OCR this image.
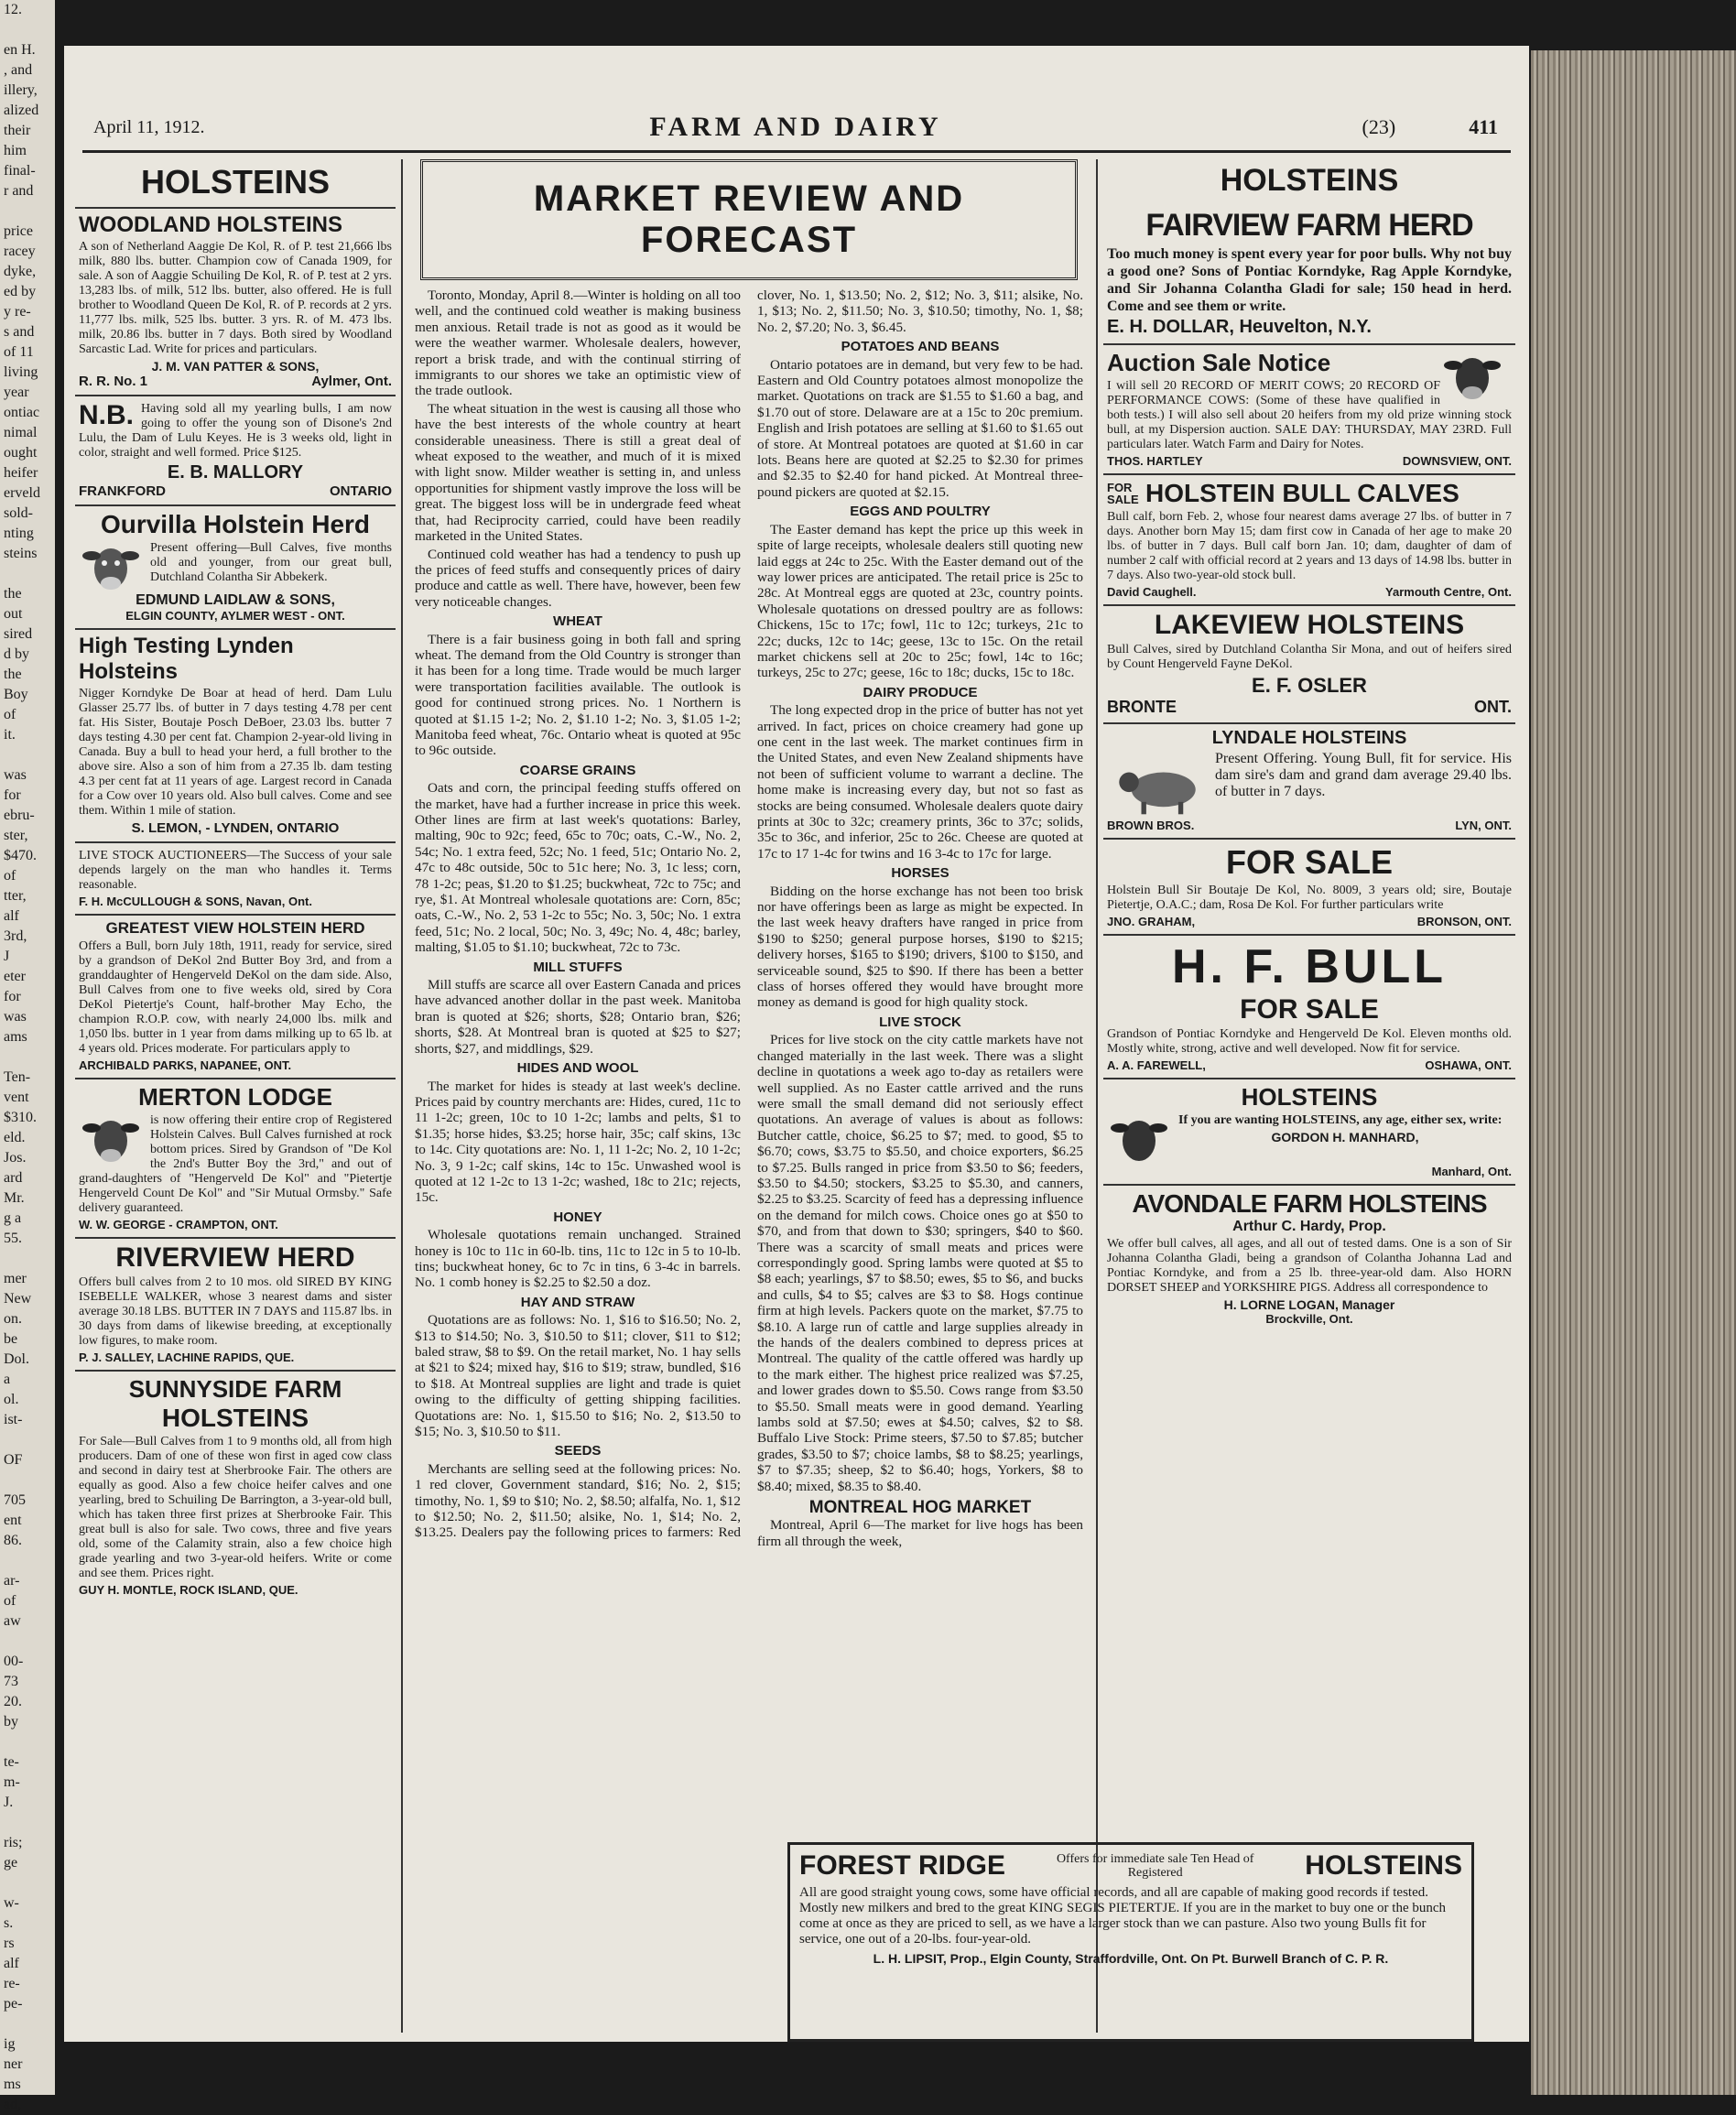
12.

en H.
, and
illery,
alized
their
him
final-
r and

price
racey
dyke,
ed by
y re-
s and
of 11
living
year
ontiac
nimal
ought
heifer
erveld
sold-
nting
steins

the
out
sired
d by
the
Boy
of
it.

was
for
ebru-
ster,
$470.
of
tter,
alf
3rd,
J
eter
for
was
ams

Ten-
vent
$310.
eld.
Jos.
ard
Mr.
g a
55.

mer
New
on.
be
Dol.
a
ol.
ist-

OF

705
ent
86.

ar-
of
aw

00-
73
20.
by

te-
m-
J.

ris;
ge

w-
s.
rs
alf
re-
pe-

ig
ner
ms
ad,
April 11, 1912.	FARM AND DAIRY	(23)	411
HOLSTEINS
WOODLAND HOLSTEINS

A son of Netherland Aaggie De Kol, R. of P. test 21,666 lbs milk, 880 lbs. butter. Champion cow of Canada 1909, for sale. A son of Aaggie Schuiling De Kol, R. of P. test at 2 yrs. 13,283 lbs. of milk, 512 lbs. butter, also offered. He is full brother to Woodland Queen De Kol, R. of P. records at 2 yrs. 11,777 lbs. milk, 525 lbs. butter. 3 yrs. R. of M. 473 lbs. milk, 20.86 lbs. butter in 7 days. Both sired by Woodland Sarcastic Lad. Write for prices and particulars.

J. M. VAN PATTER & SONS,
R. R. No. 1	Aylmer, Ont.
N.B. Having sold all my yearling bulls, I am now going to offer the young son of Disone's 2nd Lulu, the Dam of Lulu Keyes. He is 3 weeks old, light in color, straight and well formed. Price $125.

E. B. MALLORY
FRANKFORD	ONTARIO
Ourvilla Holstein Herd

Present offering—Bull Calves, five months old and younger, from our great bull, Dutchland Colantha Sir Abbekerk.

EDMUND LAIDLAW & SONS,
ELGIN COUNTY, AYLMER WEST - ONT.
High Testing Lynden Holsteins

Nigger Korndyke De Boar at head of herd. Dam Lulu Glasser 25.77 lbs. of butter in 7 days testing 4.78 per cent fat. His Sister, Boutaje Posch DeBoer, 23.03 lbs. butter 7 days testing 4.30 per cent fat. Champion 2-year-old living in Canada. Buy a bull to head your herd, a full brother to the above sire. Also a son of him from a 27.35 lb. dam testing 4.3 per cent fat at 11 years of age. Largest record in Canada for a Cow over 10 years old. Also bull calves. Come and see them. Within 1 mile of station.

S. LEMON, - LYNDEN, ONTARIO

LIVE STOCK AUCTIONEERS—The Success of your sale depends largely on the man who handles it. Terms reasonable.

F. H. McCULLOUGH & SONS, Navan, Ont.
GREATEST VIEW HOLSTEIN HERD

Offers a Bull, born July 18th, 1911, ready for service, sired by a grandson of DeKol 2nd Butter Boy 3rd, and from a granddaughter of Hengerveld DeKol on the dam side. Also, Bull Calves from one to five weeks old, sired by Cora DeKol Pietertje's Count, half-brother May Echo, the champion R.O.P. cow, with nearly 24,000 lbs. milk and 1,050 lbs. butter in 1 year from dams milking up to 65 lb. at 4 years old. Prices moderate. For particulars apply to

ARCHIBALD PARKS, NAPANEE, ONT.
MERTON LODGE

is now offering their entire crop of Registered Holstein Calves. Bull Calves furnished at rock bottom prices. Sired by Grandson of "De Kol the 2nd's Butter Boy the 3rd," and out of grand-daughters of "Hengerveld De Kol" and "Pietertje Hengerveld Count De Kol" and "Sir Mutual Ormsby." Safe delivery guaranteed.

W. W. GEORGE - CRAMPTON, ONT.
RIVERVIEW HERD

Offers bull calves from 2 to 10 mos. old SIRED BY KING ISEBELLE WALKER, whose 3 nearest dams and sister average 30.18 LBS. BUTTER IN 7 DAYS and 115.87 lbs. in 30 days from dams of likewise breeding, at exceptionally low figures, to make room.

P. J. SALLEY, LACHINE RAPIDS, QUE.
SUNNYSIDE FARM
HOLSTEINS

For Sale—Bull Calves from 1 to 9 months old, all from high producers. Dam of one of these won first in aged cow class and second in dairy test at Sherbrooke Fair. The others are equally as good. Also a few choice heifer calves and one yearling, bred to Schuiling De Barrington, a 3-year-old bull, which has taken three first prizes at Sherbrooke Fair. This great bull is also for sale. Two cows, three and five years old, some of the Calamity strain, also a few choice high grade yearling and two 3-year-old heifers. Write or come and see them. Prices right.

GUY H. MONTLE, ROCK ISLAND, QUE.
MARKET REVIEW AND FORECAST

Toronto, Monday, April 8.—Winter is holding on all too well, and the continued cold weather is making business men anxious. Retail trade is not as good as it would be were the weather warmer. Wholesale dealers, however, report a brisk trade, and with the continual stirring of immigrants to our shores we take an optimistic view of the trade outlook.

The wheat situation in the west is causing all those who have the best interests of the whole country at heart considerable uneasiness. There is still a great deal of wheat exposed to the weather, and much of it is mixed with light snow. Milder weather is setting in, and unless opportunities for shipment vastly improve the loss will be great. The biggest loss will be in undergrade feed wheat that, had Reciprocity carried, could have been readily marketed in the United States.

Continued cold weather has had a tendency to push up the prices of feed stuffs and consequently prices of dairy produce and cattle as well. There have, however, been few very noticeable changes.

WHEAT

There is a fair business going in both fall and spring wheat. The demand from the Old Country is stronger than it has been for a long time. Trade would be much larger were transportation facilities available. The outlook is good for continued strong prices. No. 1 Northern is quoted at $1.15 1-2; No. 2, $1.10 1-2; No. 3, $1.05 1-2; Manitoba feed wheat, 76c. Ontario wheat is quoted at 95c to 96c outside.

COARSE GRAINS

Oats and corn, the principal feeding stuffs offered on the market, have had a further increase in price this week. Other lines are firm at last week's quotations: Barley, malting, 90c to 92c; feed, 65c to 70c; oats, C.-W., No. 2, 54c; No. 1 extra feed, 52c; No. 1 feed, 51c; Ontario No. 2, 47c to 48c outside, 50c to 51c here; No. 3, 1c less; corn, 78 1-2c; peas, $1.20 to $1.25; buckwheat, 72c to 75c; and rye, $1. At Montreal wholesale quotations are: Corn, 85c; oats, C.-W., No. 2, 53 1-2c to 55c; No. 3, 50c; No. 1 extra feed, 51c; No. 2 local, 50c; No. 3, 49c; No. 4, 48c; barley, malting, $1.05 to $1.10; buckwheat, 72c to 73c.

MILL STUFFS

Mill stuffs are scarce all over Eastern Canada and prices have advanced another dollar in the past week. Manitoba bran is quoted at $26; shorts, $28; Ontario bran, $26; shorts, $28. At Montreal bran is quoted at $25 to $27; shorts, $27, and middlings, $29.

HIDES AND WOOL

The market for hides is steady at last week's decline. Prices paid by country merchants are: Hides, cured, 11c to 11 1-2c; green, 10c to 10 1-2c; lambs and pelts, $1 to $1.35; horse hides, $3.25; horse hair, 35c; calf skins, 13c to 14c. City quotations are: No. 1, 11 1-2c; No. 2, 10 1-2c; No. 3, 9 1-2c; calf skins, 14c to 15c. Unwashed wool is quoted at 12 1-2c to 13 1-2c; washed, 18c to 21c; rejects, 15c.

HONEY

Wholesale quotations remain unchanged. Strained honey is 10c to 11c in 60-lb. tins, 11c to 12c in 5 to 10-lb. tins; buckwheat honey, 6c to 7c in tins, 6 3-4c in barrels. No. 1 comb honey is $2.25 to $2.50 a doz.

HAY AND STRAW

Quotations are as follows: No. 1, $16 to $16.50; No. 2, $13 to $14.50; No. 3, $10.50 to $11; clover, $11 to $12; baled straw, $8 to $9. On the retail market, No. 1 hay sells at $21 to $24; mixed hay, $16 to $19; straw, bundled, $16 to $18. At Montreal supplies are light and trade is quiet owing to the difficulty of getting shipping facilities. Quotations are: No. 1, $15.50 to $16; No. 2, $13.50 to $15; No. 3, $10.50 to $11.

SEEDS

Merchants are selling seed at the following prices: No. 1 red clover, Government standard, $16; No. 2, $15; timothy, No. 1, $9 to $10; No. 2, $8.50; alfalfa, No. 1, $12 to $12.50; No. 2, $11.50; alsike, No. 1, $14; No. 2, $13.25. Dealers pay the following prices to farmers: Red clover, No. 1, $13.50; No. 2, $12; No. 3, $11; alsike, No. 1, $13; No. 2, $11.50; No. 3, $10.50; timothy, No. 1, $8; No. 2, $7.20; No. 3, $6.45.

POTATOES AND BEANS

Ontario potatoes are in demand, but very few to be had. Eastern and Old Country potatoes almost monopolize the market. Quotations on track are $1.55 to $1.60 a bag, and $1.70 out of store. Delaware are at a 15c to 20c premium. English and Irish potatoes are selling at $1.60 to $1.65 out of store. At Montreal potatoes are quoted at $1.60 in car lots. Beans here are quoted at $2.25 to $2.30 for primes and $2.35 to $2.40 for hand picked. At Montreal three-pound pickers are quoted at $2.15.

EGGS AND POULTRY

The Easter demand has kept the price up this week in spite of large receipts, wholesale dealers still quoting new laid eggs at 24c to 25c. With the Easter demand out of the way lower prices are anticipated. The retail price is 25c to 28c. At Montreal eggs are quoted at 23c, country points. Wholesale quotations on dressed poultry are as follows: Chickens, 15c to 17c; fowl, 11c to 12c; turkeys, 21c to 22c; ducks, 12c to 14c; geese, 13c to 15c. On the retail market chickens sell at 20c to 25c; fowl, 14c to 16c; turkeys, 25c to 27c; geese, 16c to 18c; ducks, 15c to 18c.

DAIRY PRODUCE

The long expected drop in the price of butter has not yet arrived. In fact, prices on choice creamery had gone up one cent in the last week. The market continues firm in the United States, and even New Zealand shipments have not been of sufficient volume to warrant a decline. The home make is increasing every day, but not so fast as stocks are being consumed. Wholesale dealers quote dairy prints at 30c to 32c; creamery prints, 36c to 37c; solids, 35c to 36c, and inferior, 25c to 26c. Cheese are quoted at 17c to 17 1-4c for twins and 16 3-4c to 17c for large.

HORSES

Bidding on the horse exchange has not been too brisk nor have offerings been as large as might be expected. In the last week heavy drafters have ranged in price from $190 to $250; general purpose horses, $190 to $215; delivery horses, $165 to $190; drivers, $100 to $150, and serviceable sound, $25 to $90. If there has been a better class of horses offered they would have brought more money as demand is good for high quality stock.

LIVE STOCK

Prices for live stock on the city cattle markets have not changed materially in the last week. There was a slight decline in quotations a week ago to-day as retailers were well supplied. As no Easter cattle arrived and the runs were small the small demand did not seriously effect quotations. An average of values is about as follows: Butcher cattle, choice, $6.25 to $7; med. to good, $5 to $6.70; cows, $3.75 to $5.50, and choice exporters, $6.25 to $7.25. Bulls ranged in price from $3.50 to $6; feeders, $3.50 to $4.50; stockers, $3.25 to $5.30, and canners, $2.25 to $3.25. Scarcity of feed has a depressing influence on the demand for milch cows. Choice ones go at $50 to $70, and from that down to $30; springers, $40 to $60. There was a scarcity of small meats and prices were correspondingly good. Spring lambs were quoted at $5 to $8 each; yearlings, $7 to $8.50; ewes, $5 to $6, and bucks and culls, $4 to $5; calves are $3 to $8. Hogs continue firm at high levels. Packers quote on the market, $7.75 to $8.10. A large run of cattle and large supplies already in the hands of the dealers combined to depress prices at Montreal. The quality of the cattle offered was hardly up to the mark either. The highest price realized was $7.25, and lower grades down to $5.50. Cows range from $3.50 to $5.50. Small meats were in good demand. Yearling lambs sold at $7.50; ewes at $4.50; calves, $2 to $8. Buffalo Live Stock: Prime steers, $7.50 to $7.85; butcher grades, $3.50 to $7; choice lambs, $8 to $8.25; yearlings, $7 to $7.35; sheep, $2 to $6.40; hogs, Yorkers, $8 to $8.40; mixed, $8.35 to $8.40.

MONTREAL HOG MARKET

Montreal, April 6—The market for live hogs has been firm all through the week,

HOLSTEINS
FAIRVIEW FARM HERD

Too much money is spent every year for poor bulls. Why not buy a good one? Sons of Pontiac Korndyke, Rag Apple Korndyke, and Sir Johanna Colantha Gladi for sale; 150 head in herd. Come and see them or write.

E. H. DOLLAR, Heuvelton, N.Y.
Auction Sale Notice

I will sell 20 RECORD OF MERIT COWS; 20 RECORD OF PERFORMANCE COWS: (Some of these have qualified in both tests.) I will also sell about 20 heifers from my old prize winning stock bull, at my Dispersion auction. SALE DAY: THURSDAY, MAY 23RD. Full particulars later. Watch Farm and Dairy for Notes.

THOS. HARTLEY	DOWNSVIEW, ONT.
FOR SALE HOLSTEIN BULL CALVES

Bull calf, born Feb. 2, whose four nearest dams average 27 lbs. of butter in 7 days. Another born May 15; dam first cow in Canada of her age to make 20 lbs. of butter in 7 days. Bull calf born Jan. 10; dam, daughter of dam of number 2 calf with official record at 2 years and 13 days of 14.98 lbs. butter in 7 days. Also two-year-old stock bull.

David Caughell.	Yarmouth Centre, Ont.
LAKEVIEW HOLSTEINS

Bull Calves, sired by Dutchland Colantha Sir Mona, and out of heifers sired by Count Hengerveld Fayne DeKol.

E. F. OSLER
BRONTE	ONT.
LYNDALE HOLSTEINS

Present Offering. Young Bull, fit for service. His dam sire's dam and grand dam average 29.40 lbs. of butter in 7 days.

BROWN BROS.	LYN, ONT.
FOR SALE

Holstein Bull Sir Boutaje De Kol, No. 8009, 3 years old; sire, Boutaje Pietertje, O.A.C.; dam, Rosa De Kol. For further particulars write

JNO. GRAHAM,	BRONSON, ONT.
H. F. BULL
FOR SALE

Grandson of Pontiac Korndyke and Hengerveld De Kol. Eleven months old. Mostly white, strong, active and well developed. Now fit for service.

A. A. FAREWELL,	OSHAWA, ONT.
HOLSTEINS

If you are wanting HOLSTEINS, any age, either sex, write:

GORDON H. MANHARD,
Manhard, Ont.
AVONDALE FARM HOLSTEINS
Arthur C. Hardy, Prop.

We offer bull calves, all ages, and all out of tested dams. One is a son of Sir Johanna Colantha Gladi, being a grandson of Colantha Johanna Lad and Pontiac Korndyke, and from a 25 lb. three-year-old dam. Also HORN DORSET SHEEP and YORKSHIRE PIGS. Address all correspondence to

H. LORNE LOGAN, Manager
Brockville, Ont.
FOREST RIDGE	Offers for immediate sale Ten Head of Registered	HOLSTEINS

All are good straight young cows, some have official records, and all are capable of making good records if tested. Mostly new milkers and bred to the great KING SEGIS PIETERTJE. If you are in the market to buy one or the bunch come at once as they are priced to sell, as we have a larger stock than we can pasture. Also two young Bulls fit for service, one out of a 20-lbs. four-year-old.

L. H. LIPSIT, Prop., Elgin County, Straffordville, Ont. On Pt. Burwell Branch of C. P. R.
